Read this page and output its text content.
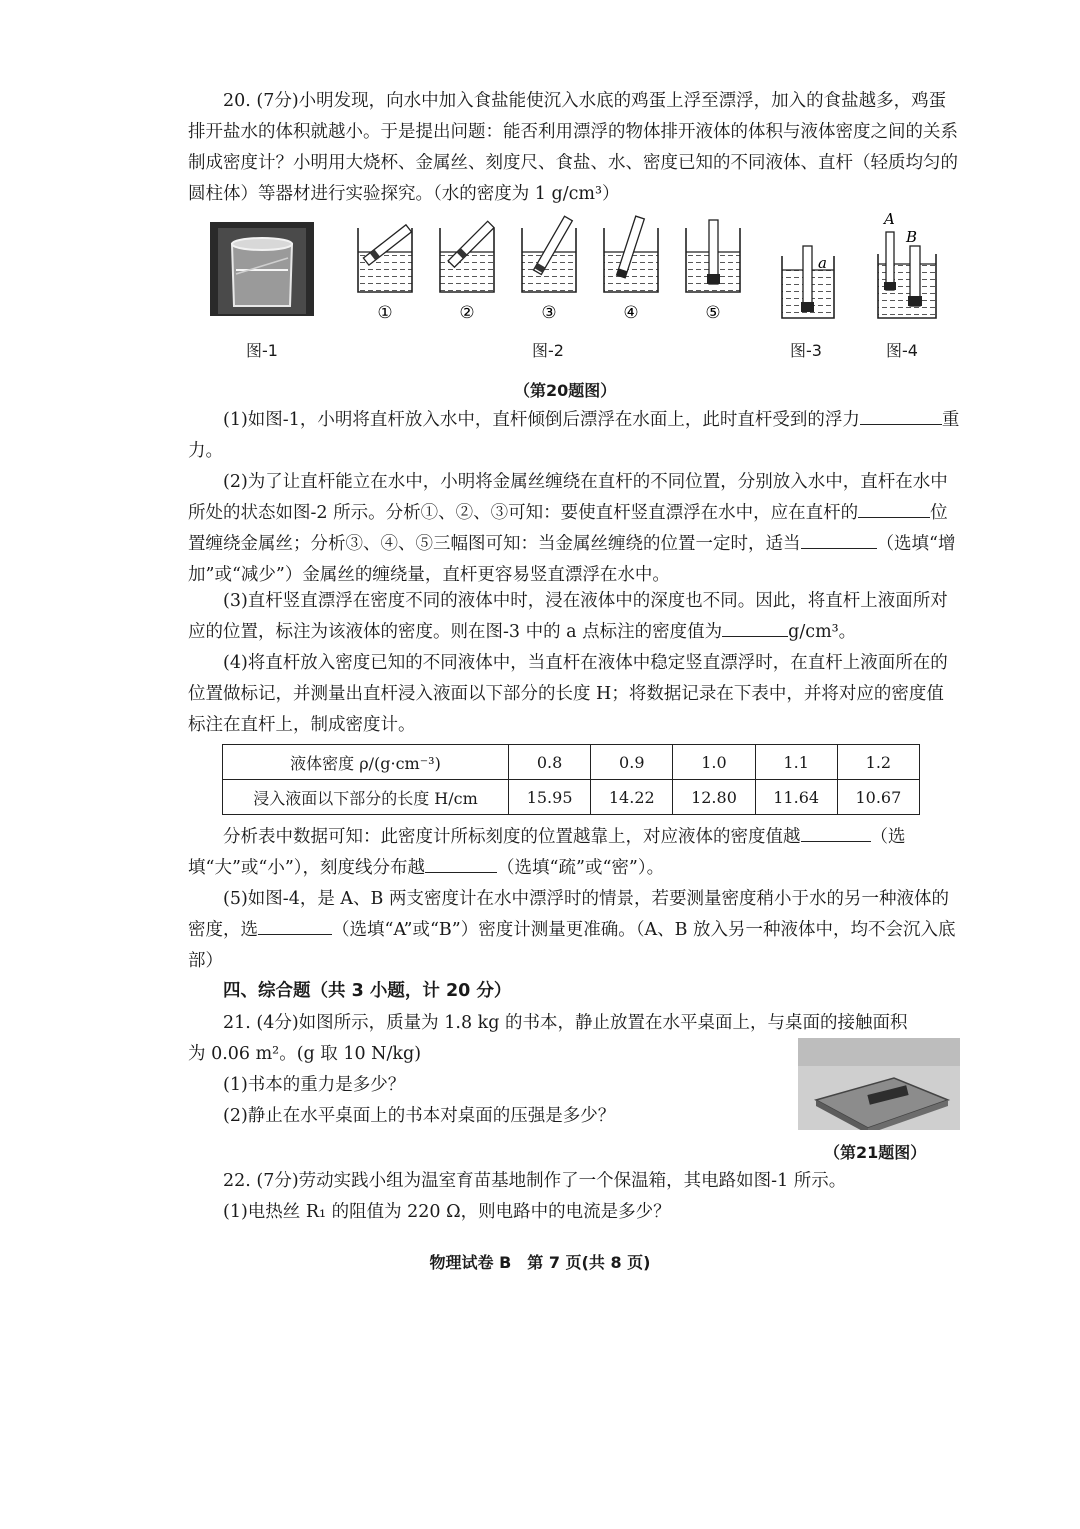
20. (7分)小明发现，向水中加入食盐能使沉入水底的鸡蛋上浮至漂浮，加入的食盐越多，鸡蛋排开盐水的体积就越小。于是提出问题：能否利用漂浮的物体排开液体的体积与液体密度之间的关系制成密度计？小明用大烧杯、金属丝、刻度尺、食盐、水、密度已知的不同液体、直杆（轻质均匀的圆柱体）等器材进行实验探究。（水的密度为 1 g/cm³）

图-1
①	②	③	④	⑤
图-2
a
图-3
A
B
图-4
（第20题图）

(1)如图-1，小明将直杆放入水中，直杆倾倒后漂浮在水面上，此时直杆受到的浮力	重力。

(2)为了让直杆能立在水中，小明将金属丝缠绕在直杆的不同位置，分别放入水中，直杆在水中所处的状态如图-2 所示。分析①、②、③可知：要使直杆竖直漂浮在水中，应在直杆的	位置缠绕金属丝；分析③、④、⑤三幅图可知：当金属丝缠绕的位置一定时，适当	（选填“增加”或“减少”）金属丝的缠绕量，直杆更容易竖直漂浮在水中。

(3)直杆竖直漂浮在密度不同的液体中时，浸在液体中的深度也不同。因此，将直杆上液面所对应的位置，标注为该液体的密度。则在图-3 中的 a 点标注的密度值为	g/cm³。

(4)将直杆放入密度已知的不同液体中，当直杆在液体中稳定竖直漂浮时，在直杆上液面所在的位置做标记，并测量出直杆浸入液面以下部分的长度 H；将数据记录在下表中，并将对应的密度值标注在直杆上，制成密度计。

液体密度 ρ/(g·cm⁻³)	0.8	0.9	1.0	1.1	1.2
浸入液面以下部分的长度 H/cm	15.95	14.22	12.80	11.64	10.67

分析表中数据可知：此密度计所标刻度的位置越靠上，对应液体的密度值越	（选填“大”或“小”），刻度线分布越	（选填“疏”或“密”）。

(5)如图-4，是 A、B 两支密度计在水中漂浮时的情景，若要测量密度稍小于水的另一种液体的密度，选	（选填“A”或“B”）密度计测量更准确。（A、B 放入另一种液体中，均不会沉入底部）

四、综合题（共 3 小题，计 20 分）

21. (4分)如图所示，质量为 1.8 kg 的书本，静止放置在水平桌面上，与桌面的接触面积

为 0.06 m²。(g 取 10 N/kg)

(1)书本的重力是多少？

(2)静止在水平桌面上的书本对桌面的压强是多少？

（第21题图）

22. (7分)劳动实践小组为温室育苗基地制作了一个保温箱，其电路如图-1 所示。

(1)电热丝 R₁ 的阻值为 220 Ω，则电路中的电流是多少？

物理试卷 B　第 7 页(共 8 页)
